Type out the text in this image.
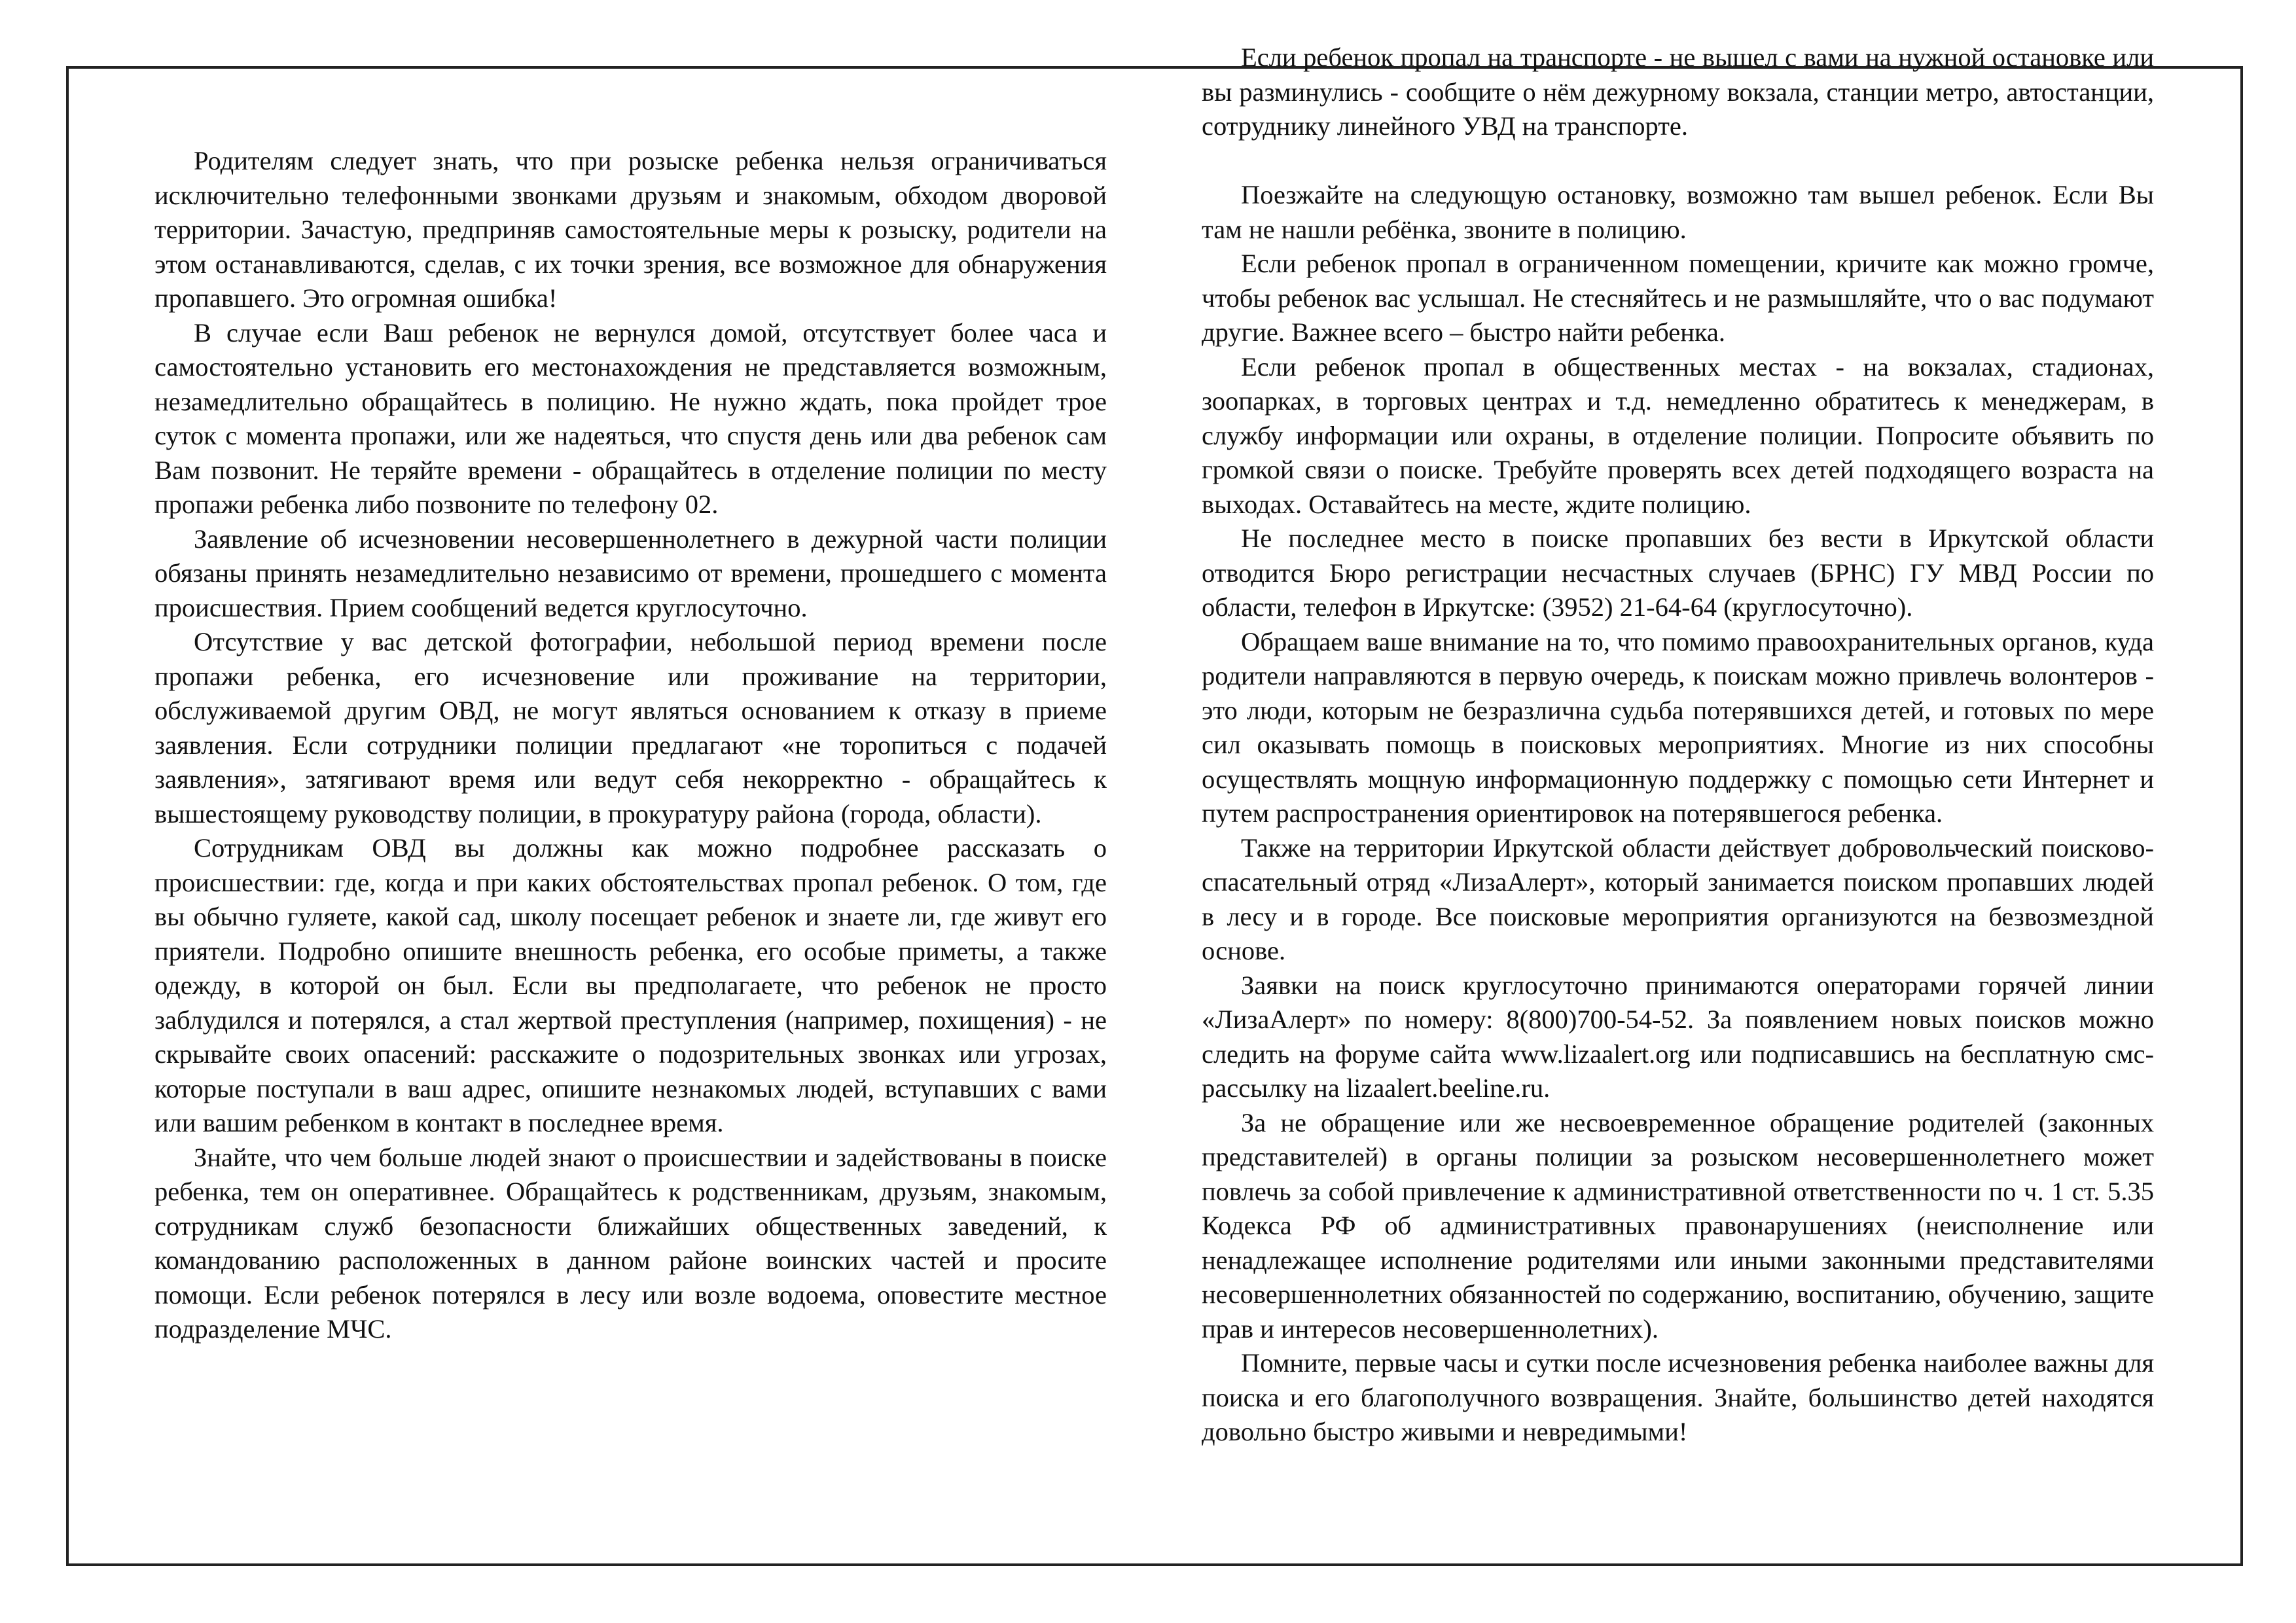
Родителям следует знать, что при розыске ребенка нельзя ограничиваться исключительно телефонными звонками друзьям и знакомым, обходом дворовой территории. Зачастую, предприняв самостоятельные меры к розыску, родители на этом останавливаются, сделав, с их точки зрения, все возможное для обнаружения пропавшего. Это огромная ошибка!

В случае если Ваш ребенок не вернулся домой, отсутствует более часа и самостоятельно установить его местонахождения не представляется возможным, незамедлительно обращайтесь в полицию. Не нужно ждать, пока пройдет трое суток с момента пропажи, или же надеяться, что спустя день или два ребенок сам Вам позвонит. Не теряйте времени - обращайтесь в отделение полиции по месту пропажи ребенка либо позвоните по телефону 02.

Заявление об исчезновении несовершеннолетнего в дежурной части полиции обязаны принять незамедлительно независимо от времени, прошедшего с момента происшествия. Прием сообщений ведется круглосуточно.

Отсутствие у вас детской фотографии, небольшой период времени после пропажи ребенка, его исчезновение или проживание на территории, обслуживаемой другим ОВД, не могут являться основанием к отказу в приеме заявления. Если сотрудники полиции предлагают «не торопиться с подачей заявления», затягивают время или ведут себя некорректно - обращайтесь к вышестоящему руководству полиции, в прокуратуру района (города, области).

Сотрудникам ОВД вы должны как можно подробнее рассказать о происшествии: где, когда и при каких обстоятельствах пропал ребенок. О том, где вы обычно гуляете, какой сад, школу посещает ребенок и знаете ли, где живут его приятели. Подробно опишите внешность ребенка, его особые приметы, а также одежду, в которой он был. Если вы предполагаете, что ребенок не просто заблудился и потерялся, а стал жертвой преступления (например, похищения) - не скрывайте своих опасений: расскажите о подозрительных звонках или угрозах, которые поступали в ваш адрес, опишите незнакомых людей, вступавших с вами или вашим ребенком в контакт в последнее время.

Знайте, что чем больше людей знают о происшествии и задействованы в поиске ребенка, тем он оперативнее. Обращайтесь к родственникам, друзьям, знакомым, сотрудникам служб безопасности ближайших общественных заведений, к командованию расположенных в данном районе воинских частей и просите помощи. Если ребенок потерялся в лесу или возле водоема, оповестите местное подразделение МЧС.

Если ребенок пропал на транспорте - не вышел с вами на нужной остановке или вы разминулись - сообщите о нём дежурному вокзала, станции метро, автостанции, сотруднику линейного УВД на транспорте.

Поезжайте на следующую остановку, возможно там вышел ребенок. Если Вы там не нашли ребёнка, звоните в полицию.

Если ребенок пропал в ограниченном помещении, кричите как можно громче, чтобы ребенок вас услышал. Не стесняйтесь и не размышляйте, что о вас подумают другие. Важнее всего – быстро найти ребенка.

Если ребенок пропал в общественных местах - на вокзалах, стадионах, зоопарках, в торговых центрах и т.д. немедленно обратитесь к менеджерам, в службу информации или охраны, в отделение полиции. Попросите объявить по громкой связи о поиске. Требуйте проверять всех детей подходящего возраста на выходах. Оставайтесь на месте, ждите полицию.

Не последнее место в поиске пропавших без вести в Иркутской области отводится Бюро регистрации несчастных случаев (БРНС) ГУ МВД России по области, телефон в Иркутске: (3952) 21-64-64 (круглосуточно).

Обращаем ваше внимание на то, что помимо правоохранительных органов, куда родители направляются в первую очередь, к поискам можно привлечь волонтеров - это люди, которым не безразлична судьба потерявшихся детей, и готовых по мере сил оказывать помощь в поисковых мероприятиях. Многие из них способны осуществлять мощную информационную поддержку с помощью сети Интернет и путем распространения ориентировок на потерявшегося ребенка.

Также на территории Иркутской области действует добровольческий поисково-спасательный отряд «ЛизаАлерт», который занимается поиском пропавших людей в лесу и в городе. Все поисковые мероприятия организуются на безвозмездной основе.

Заявки на поиск круглосуточно принимаются операторами горячей линии «ЛизаАлерт» по номеру: 8(800)700-54-52. За появлением новых поисков можно следить на форуме сайта www.lizaalert.org или подписавшись на бесплатную смс-рассылку на lizaalert.beeline.ru.

За не обращение или же несвоевременное обращение родителей (законных представителей) в органы полиции за розыском несовершеннолетнего может повлечь за собой привлечение к административной ответственности по ч. 1 ст. 5.35 Кодекса РФ об административных правонарушениях (неисполнение или ненадлежащее исполнение родителями или иными законными представителями несовершеннолетних обязанностей по содержанию, воспитанию, обучению, защите прав и интересов несовершеннолетних).

Помните, первые часы и сутки после исчезновения ребенка наиболее важны для поиска и его благополучного возвращения. Знайте, большинство детей находятся довольно быстро живыми и невредимыми!
